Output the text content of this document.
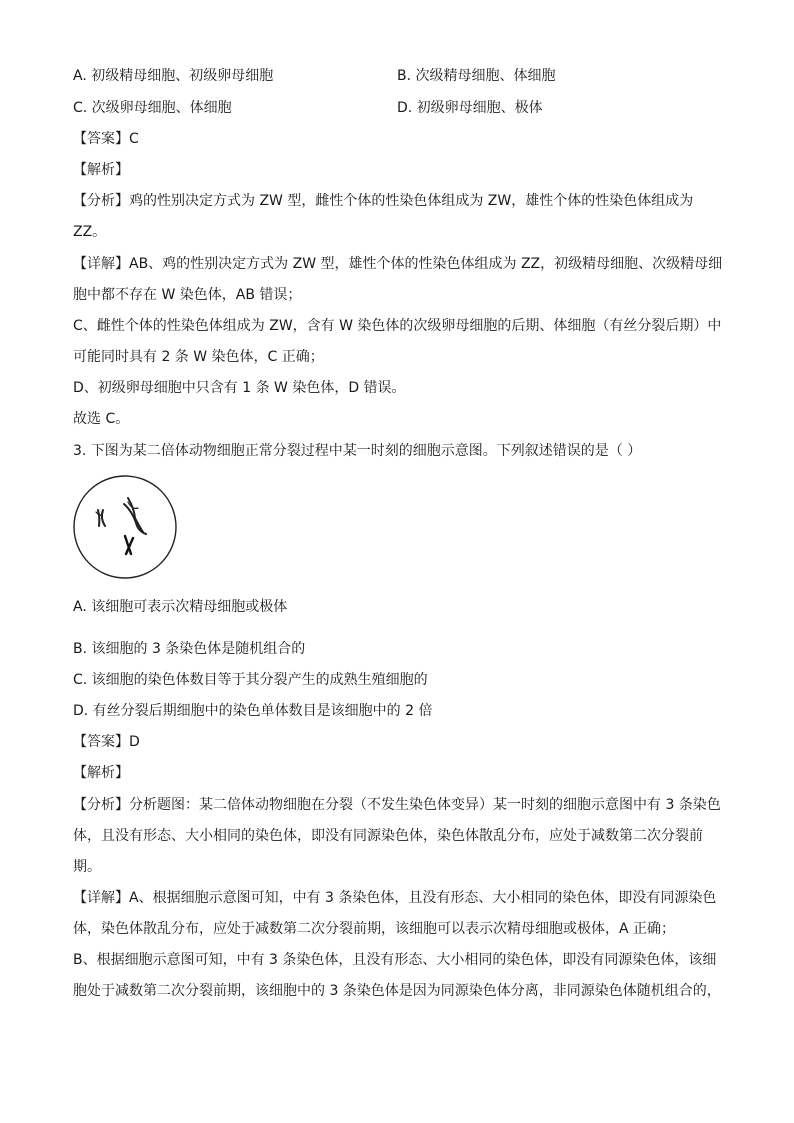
A. 初级精母细胞、初级卵母细胞	B. 次级精母细胞、体细胞
C. 次级卵母细胞、体细胞	D. 初级卵母细胞、极体
【答案】C
【解析】
【分析】鸡的性别决定方式为 ZW 型，雌性个体的性染色体组成为 ZW，雄性个体的性染色体组成为
ZZ。
【详解】AB、鸡的性别决定方式为 ZW 型，雄性个体的性染色体组成为 ZZ，初级精母细胞、次级精母细
胞中都不存在 W 染色体，AB 错误；
C、雌性个体的性染色体组成为 ZW，含有 W 染色体的次级卵母细胞的后期、体细胞（有丝分裂后期）中
可能同时具有 2 条 W 染色体，C 正确；
D、初级卵母细胞中只含有 1 条 W 染色体，D 错误。
故选 C。
3. 下图为某二倍体动物细胞正常分裂过程中某一时刻的细胞示意图。下列叙述错误的是（ ）
A. 该细胞可表示次精母细胞或极体
B. 该细胞的 3 条染色体是随机组合的
C. 该细胞的染色体数目等于其分裂产生的成熟生殖细胞的
D. 有丝分裂后期细胞中的染色单体数目是该细胞中的 2 倍
【答案】D
【解析】
【分析】分析题图：某二倍体动物细胞在分裂（不发生染色体变异）某一时刻的细胞示意图中有 3 条染色
体，且没有形态、大小相同的染色体，即没有同源染色体，染色体散乱分布，应处于减数第二次分裂前
期。
【详解】A、根据细胞示意图可知，中有 3 条染色体，且没有形态、大小相同的染色体，即没有同源染色
体，染色体散乱分布，应处于减数第二次分裂前期，该细胞可以表示次精母细胞或极体，A 正确；
B、根据细胞示意图可知，中有 3 条染色体，且没有形态、大小相同的染色体，即没有同源染色体，该细
胞处于减数第二次分裂前期，该细胞中的 3 条染色体是因为同源染色体分离，非同源染色体随机组合的，
